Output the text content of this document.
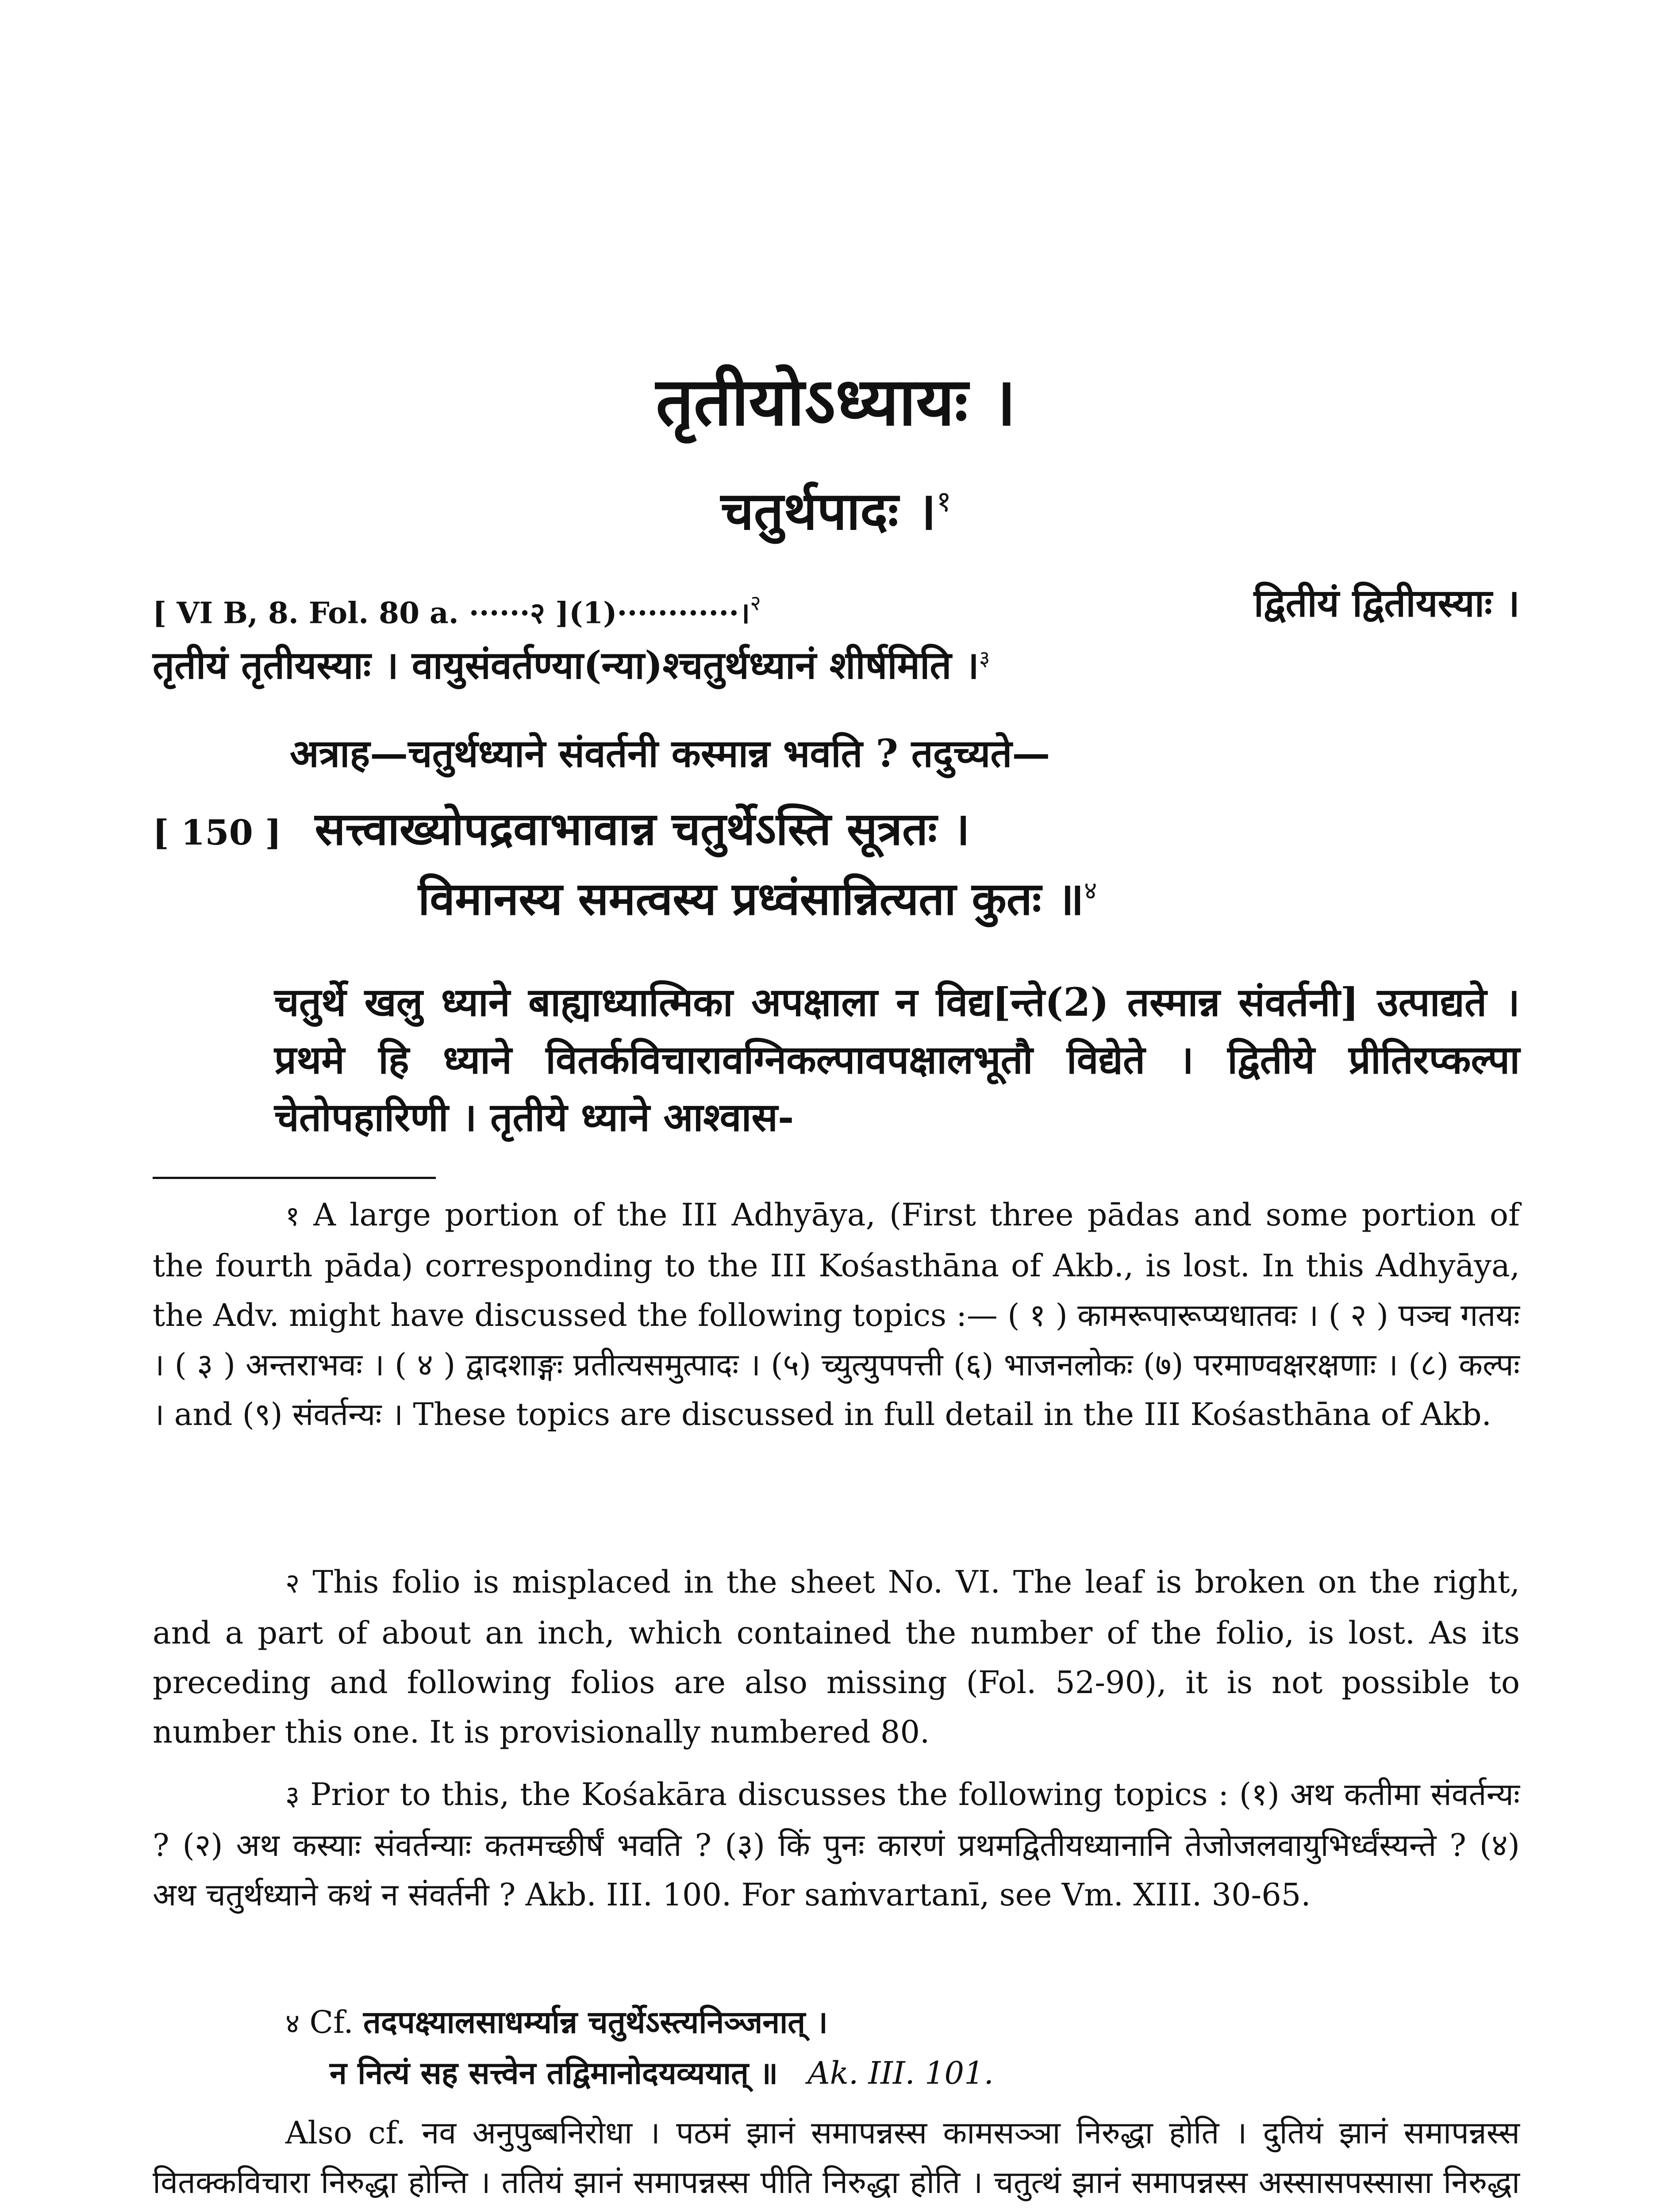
तृतीयोऽध्यायः ।
चतुर्थपादः ।$^१$
[ VI B, 8. Fol. 80 a. ······२ ](1)············।$^२$	द्वितीयं द्वितीयस्याः ।
तृतीयं तृतीयस्याः । वायुसंवर्तण्या(न्या)श्चतुर्थध्यानं शीर्षमिति ।$^३$
अत्राह—चतुर्थध्याने संवर्तनी कस्मान्न भवति ? तदुच्यते—
[ 150 ] सत्त्वाख्योपद्रवाभावान्न चतुर्थेऽस्ति सूत्रतः ।
विमानस्य समत्वस्य प्रध्वंसान्नित्यता कुतः ॥$^४$
चतुर्थे खलु ध्याने बाह्याध्यात्मिका अपक्षाला न विद्य[न्ते(2) तस्मान्न संवर्तनी] उत्पाद्यते । प्रथमे हि ध्याने वितर्कविचारावग्निकल्पावपक्षालभूतौ विद्येते । द्वितीये प्रीतिरप्कल्पा चेतोपहारिणी । तृतीये ध्याने आश्वास-
१ A large portion of the III Adhyāya, (First three pādas and some portion of the fourth pāda) corresponding to the III Kośasthāna of Akb., is lost. In this Adhyāya, the Adv. might have discussed the following topics :— ( १ ) कामरूपारूप्यधातवः । ( २ ) पञ्च गतयः । ( ३ ) अन्तराभवः । ( ४ ) द्वादशाङ्गः प्रतीत्यसमुत्पादः । (५) च्युत्युपपत्ती (६) भाजनलोकः (७) परमाण्वक्षरक्षणाः । (८) कल्पः । and (९) संवर्तन्यः । These topics are discussed in full detail in the III Kośasthāna of Akb.
२ This folio is misplaced in the sheet No. VI. The leaf is broken on the right, and a part of about an inch, which contained the number of the folio, is lost. As its preceding and following folios are also missing (Fol. 52-90), it is not possible to number this one. It is provisionally numbered 80.
३ Prior to this, the Kośakāra discusses the following topics : (१) अथ कतीमा संवर्तन्यः ? (२) अथ कस्याः संवर्तन्याः कतमच्छीर्षं भवति ? (३) किं पुनः कारणं प्रथमद्वितीयध्यानानि तेजोजलवायुभिर्ध्वंस्यन्ते ? (४) अथ चतुर्थध्याने कथं न संवर्तनी ? Akb. III. 100. For saṁvartanī, see Vm. XIII. 30-65.
४ Cf. तदपक्ष्यालसाधर्म्यान्न चतुर्थेऽस्त्यनिञ्जनात् ।
न नित्यं सह सत्त्वेन तद्विमानोदयव्ययात् ॥ Ak. III. 101.
Also cf. नव अनुपुब्बनिरोधा । पठमं झानं समापन्नस्स कामसञ्ञा निरुद्धा होति । दुतियं झानं समापन्नस्स वितक्कविचारा निरुद्धा होन्ति । ततियं झानं समापन्नस्स पीति निरुद्धा होति । चतुत्थं झानं समापन्नस्स अस्सासपस्सासा निरुद्धा
